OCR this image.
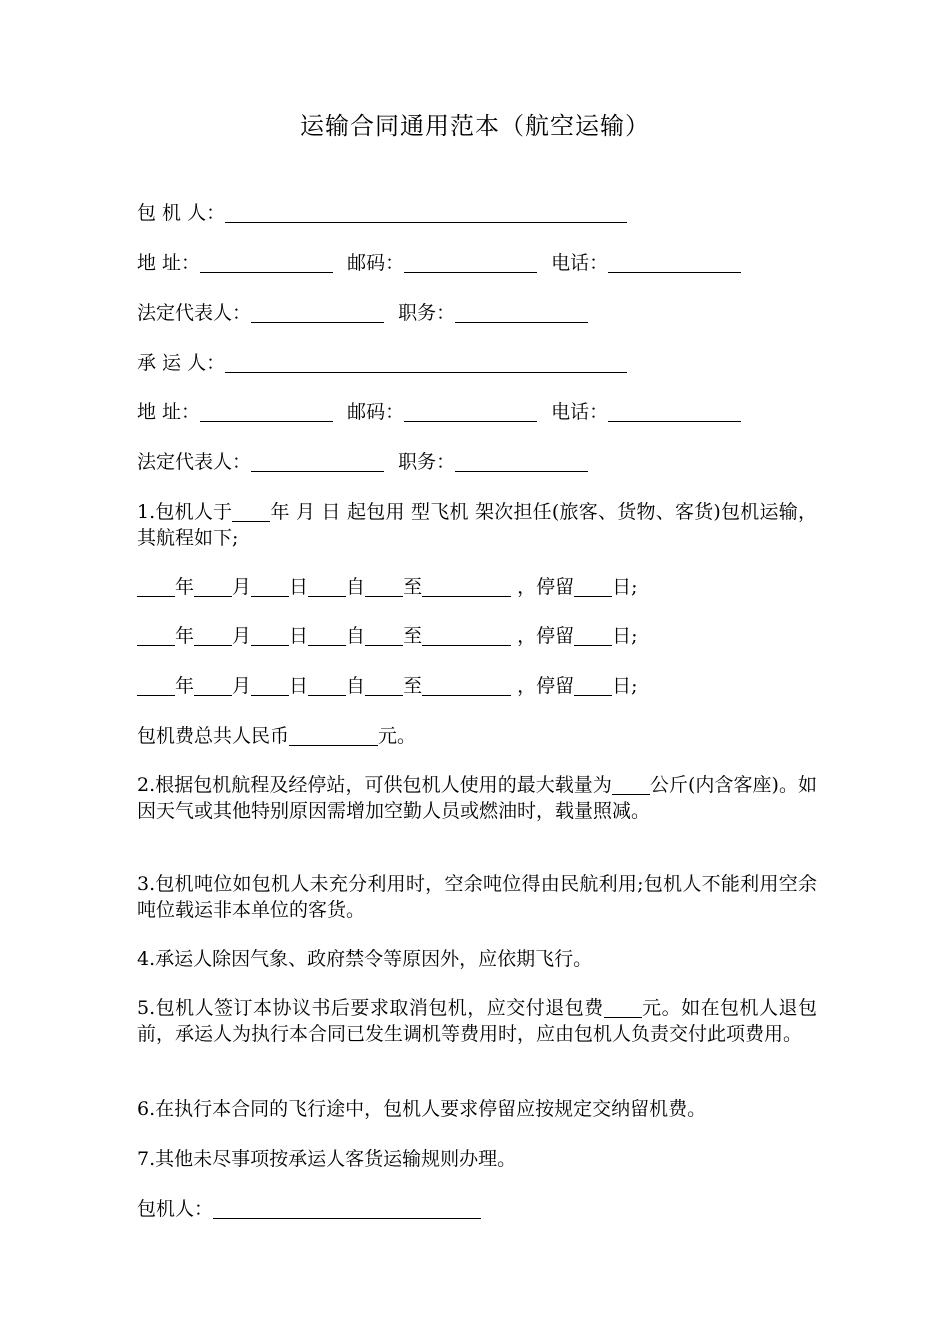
运输合同通用范本（航空运输）
包 机 人：
地 址：	邮码：	电话：
法定代表人：	职务：
承 运 人：
地 址：	邮码：	电话：
法定代表人：	职务：
1.包机人于 年 月 日 起包用 型飞机 架次担任(旅客、货物、客货)包机运输，其航程如下;
年 月 日 自 至	，停留 日;
年 月 日 自 至	，停留 日;
年 月 日 自 至	，停留 日;
包机费总共人民币	元。
2.根据包机航程及经停站，可供包机人使用的最大载量为 公斤(内含客座)。如因天气或其他特别原因需增加空勤人员或燃油时，载量照减。
3.包机吨位如包机人未充分利用时，空余吨位得由民航利用;包机人不能利用空余吨位载运非本单位的客货。
4.承运人除因气象、政府禁令等原因外，应依期飞行。
5.包机人签订本协议书后要求取消包机，应交付退包费 元。如在包机人退包前，承运人为执行本合同已发生调机等费用时，应由包机人负责交付此项费用。
6.在执行本合同的飞行途中，包机人要求停留应按规定交纳留机费。
7.其他未尽事项按承运人客货运输规则办理。
包机人：
